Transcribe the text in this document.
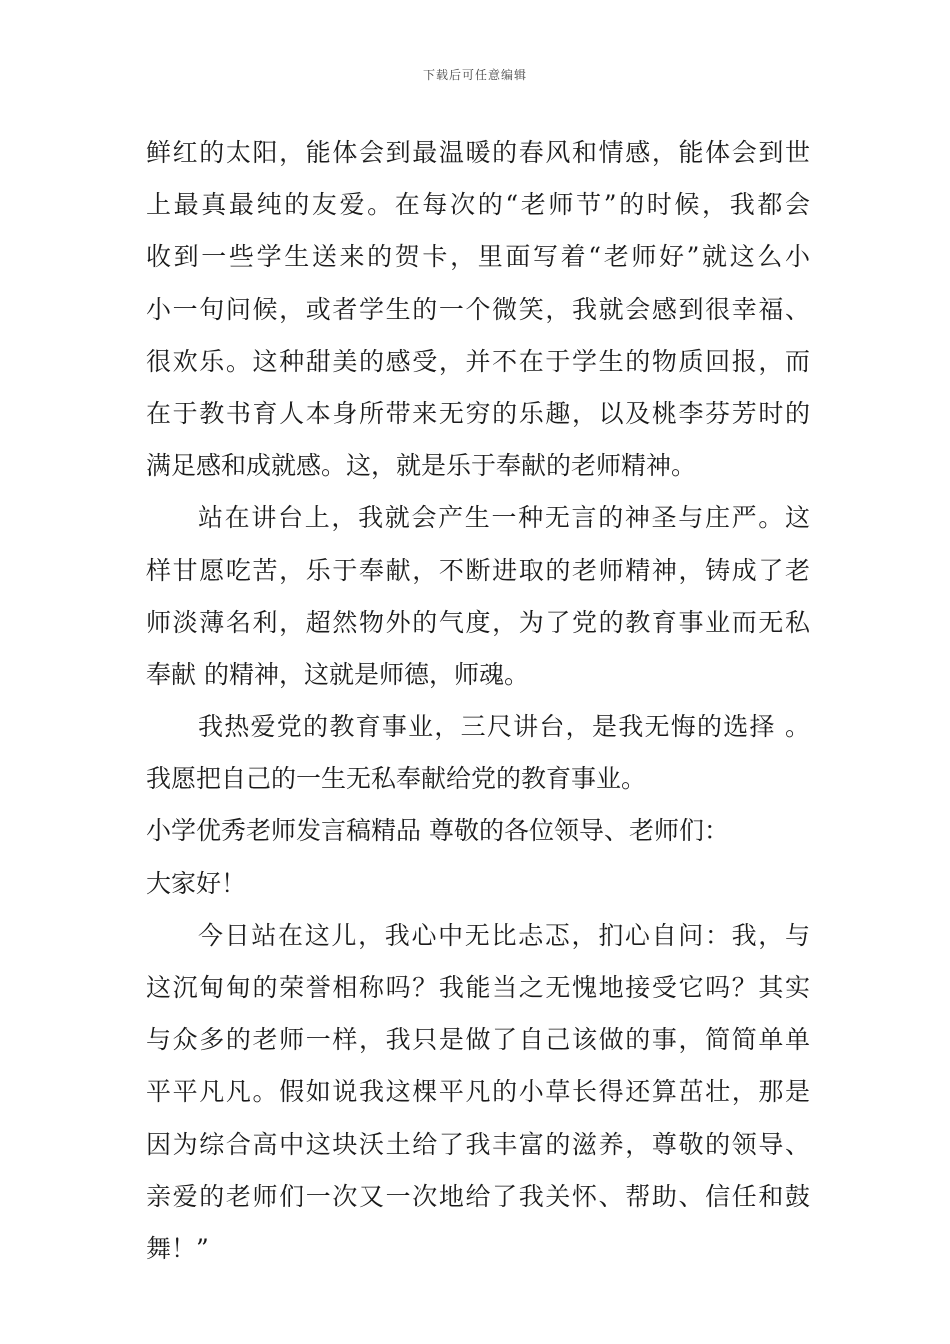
下载后可任意编辑
鲜红的太阳，能体会到最温暖的春风和情感，能体会到世
上最真最纯的友爱。在每次的“老师节”的时候，我都会
收到一些学生送来的贺卡，里面写着“老师好”就这么小
小一句问候，或者学生的一个微笑，我就会感到很幸福、
很欢乐。这种甜美的感受，并不在于学生的物质回报，而
在于教书育人本身所带来无穷的乐趣，以及桃李芬芳时的
满足感和成就感。这，就是乐于奉献的老师精神。
站在讲台上，我就会产生一种无言的神圣与庄严。这
样甘愿吃苦，乐于奉献，不断进取的老师精神，铸成了老
师淡薄名利，超然物外的气度，为了党的教育事业而无私
奉献 的精神，这就是师德，师魂。
我热爱党的教育事业，三尺讲台，是我无悔的选择 。
我愿把自己的一生无私奉献给党的教育事业。
小学优秀老师发言稿精品 尊敬的各位领导、老师们：
大家好！
今日站在这儿，我心中无比忐忑，扪心自问：我，与
这沉甸甸的荣誉相称吗？我能当之无愧地接受它吗？其实
与众多的老师一样，我只是做了自己该做的事，简简单单
平平凡凡。假如说我这棵平凡的小草长得还算茁壮，那是
因为综合高中这块沃土给了我丰富的滋养，尊敬的领导、
亲爱的老师们一次又一次地给了我关怀、帮助、信任和鼓
舞！”
